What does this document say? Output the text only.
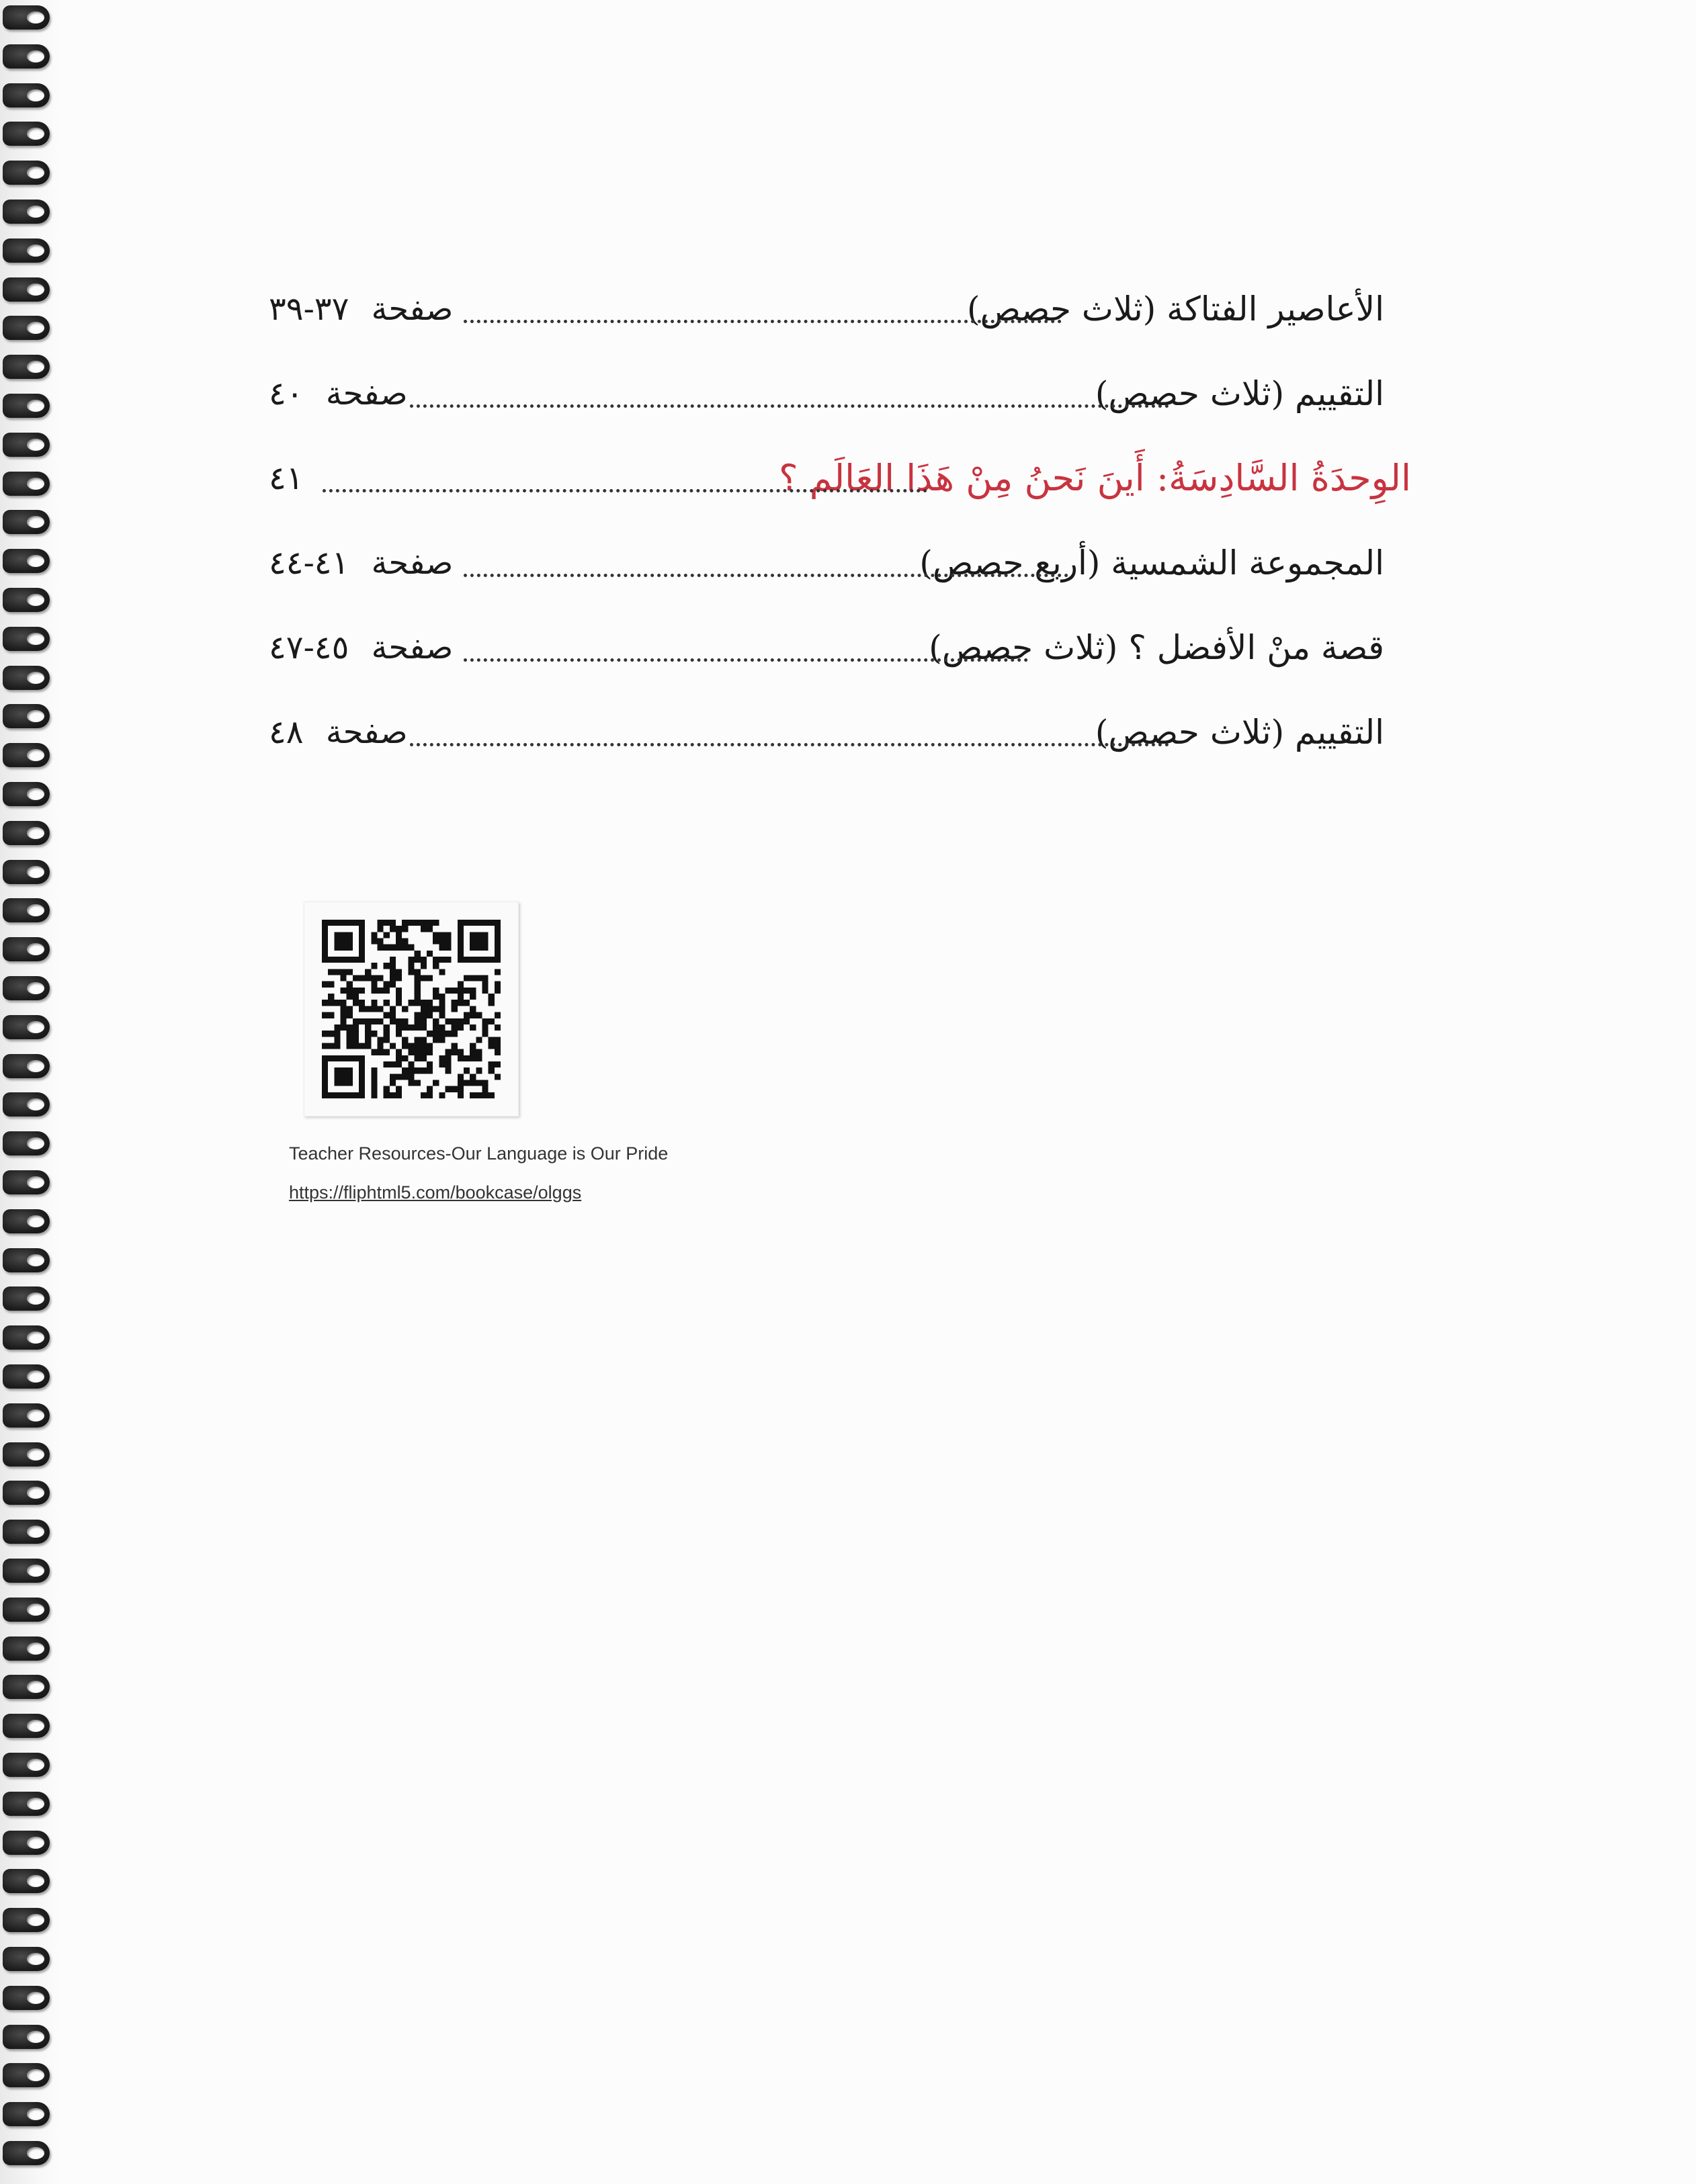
الأعاصير الفتاكة (ثلاث حصص)
صفحة ٣٧-٣٩
التقييم (ثلاث حصص)
صفحة ٤٠
الوِحدَةُ السَّادِسَةُ: أَينَ نَحنُ مِنْ هَذَا العَالَم ؟
٤١
المجموعة الشمسية (أربع حصص)
صفحة ٤١-٤٤
قصة منْ الأفضل ؟ (ثلاث حصص)
صفحة ٤٥-٤٧
التقييم (ثلاث حصص)
صفحة ٤٨
Teacher Resources-Our Language is Our Pride
https://fliphtml5.com/bookcase/olggs
